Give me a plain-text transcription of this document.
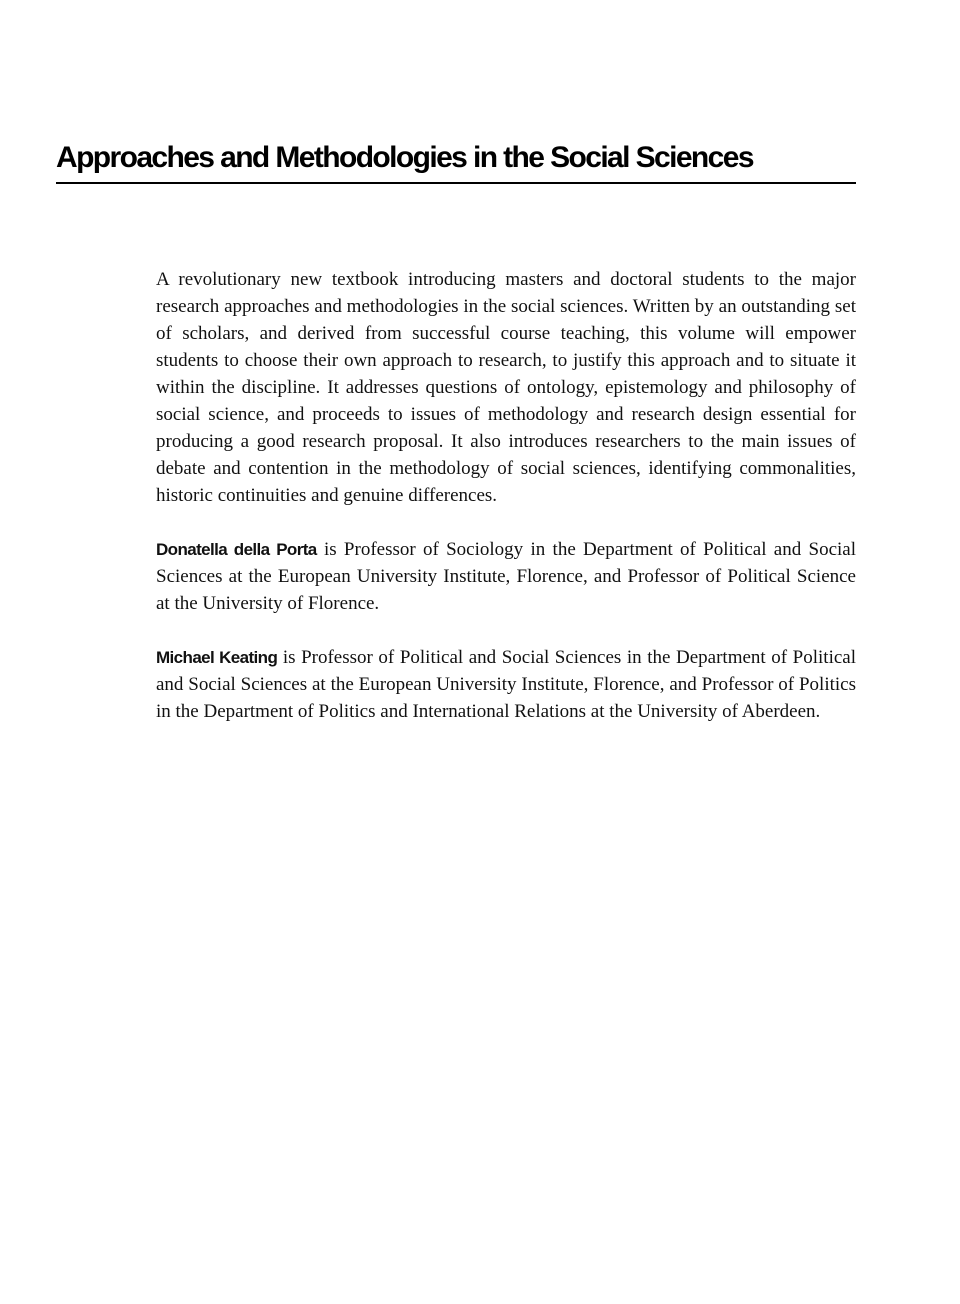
Approaches and Methodologies in the Social Sciences

A revolutionary new textbook introducing masters and doctoral students to the major research approaches and methodologies in the social sciences. Written by an outstanding set of scholars, and derived from successful course teaching, this volume will empower students to choose their own approach to research, to justify this approach and to situate it within the discipline. It addresses questions of ontology, epistemology and philosophy of social science, and proceeds to issues of methodology and research design essential for producing a good research proposal. It also introduces researchers to the main issues of debate and contention in the methodology of social sciences, identifying commonalities, historic continuities and genuine differences.

Donatella della Porta is Professor of Sociology in the Department of Political and Social Sciences at the European University Institute, Florence, and Professor of Political Science at the University of Florence.

Michael Keating is Professor of Political and Social Sciences in the Department of Political and Social Sciences at the European University Institute, Florence, and Professor of Politics in the Department of Politics and International Relations at the University of Aberdeen.
